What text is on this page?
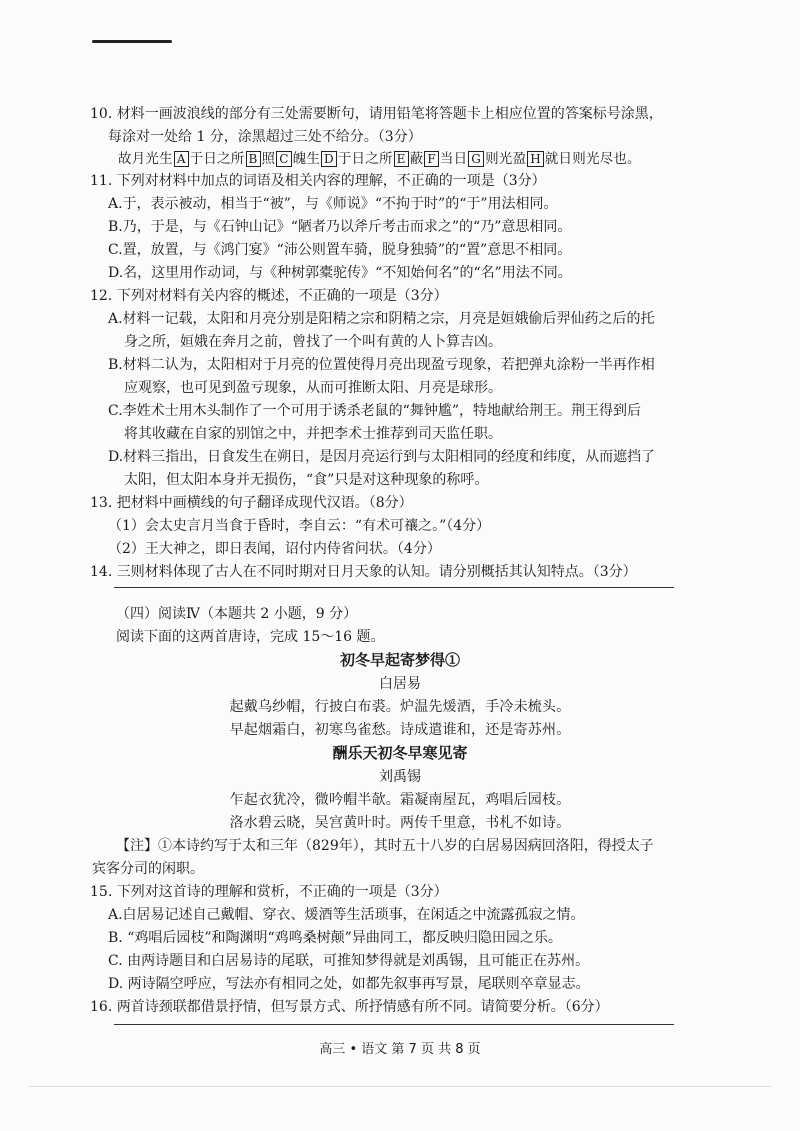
10. 材料一画波浪线的部分有三处需要断句，请用铅笔将答题卡上相应位置的答案标号涂黑，
每涂对一处给 1 分，涂黑超过三处不给分。（3分）
故月光生 A 于日之所 B 照 C 魄生 D 于日之所 E 蔽 F 当日 G 则光盈 H 就日则光尽也。
11. 下列对材料中加点的词语及相关内容的理解，不正确的一项是（3分）
A.于，表示被动，相当于“被”，与《师说》“不拘于时”的“于”用法相同。
B.乃，于是，与《石钟山记》“陋者乃以斧斤考击而求之”的“乃”意思相同。
C.置，放置，与《鸿门宴》“沛公则置车骑，脱身独骑”的“置”意思不相同。
D.名，这里用作动词，与《种树郭橐驼传》“不知始何名”的“名”用法不同。
12. 下列对材料有关内容的概述，不正确的一项是（3分）
A.材料一记载，太阳和月亮分别是阳精之宗和阴精之宗，月亮是姮娥偷后羿仙药之后的托
身之所，姮娥在奔月之前，曾找了一个叫有黄的人卜算吉凶。
B.材料二认为，太阳相对于月亮的位置使得月亮出现盈亏现象，若把弹丸涂粉一半再作相
应观察，也可见到盈亏现象，从而可推断太阳、月亮是球形。
C.李姓术士用木头制作了一个可用于诱杀老鼠的“舞钟尴”，特地献给荆王。荆王得到后
将其收藏在自家的别馆之中，并把李术士推荐到司天监任职。
D.材料三指出，日食发生在朔日，是因月亮运行到与太阳相同的经度和纬度，从而遮挡了
太阳，但太阳本身并无损伤，“食”只是对这种现象的称呼。
13. 把材料中画横线的句子翻译成现代汉语。（8分）
（1）会太史言月当食于昏时，李自云：“有术可禳之。”（4分）
（2）王大神之，即日表闻，诏付内侍省问状。（4分）
14. 三则材料体现了古人在不同时期对日月天象的认知。请分别概括其认知特点。（3分）
（四）阅读Ⅳ（本题共 2 小题，9 分）
阅读下面的这两首唐诗，完成 15～16 题。
初冬早起寄梦得①
白居易
起戴乌纱帽，行披白布裘。炉温先煖酒，手冷未梳头。
早起烟霜白，初寒鸟雀愁。诗成遣谁和，还是寄苏州。
酬乐天初冬早寒见寄
刘禹锡
乍起衣犹冷，微吟帽半欹。霜凝南屋瓦，鸡唱后园枝。
洛水碧云晓，吴宫黄叶时。两传千里意，书札不如诗。
【注】①本诗约写于太和三年（829年），其时五十八岁的白居易因病回洛阳，得授太子
宾客分司的闲职。
15. 下列对这首诗的理解和赏析，不正确的一项是（3分）
A.白居易记述自己戴帽、穿衣、煖酒等生活琐事，在闲适之中流露孤寂之情。
B. “鸡唱后园枝”和陶渊明“鸡鸣桑树颠”异曲同工，都反映归隐田园之乐。
C. 由两诗题目和白居易诗的尾联，可推知梦得就是刘禹锡，且可能正在苏州。
D. 两诗隔空呼应，写法亦有相同之处，如都先叙事再写景，尾联则卒章显志。
16. 两首诗颈联都借景抒情，但写景方式、所抒情感有所不同。请简要分析。（6分）
高三 • 语文 第 7 页 共 8 页
